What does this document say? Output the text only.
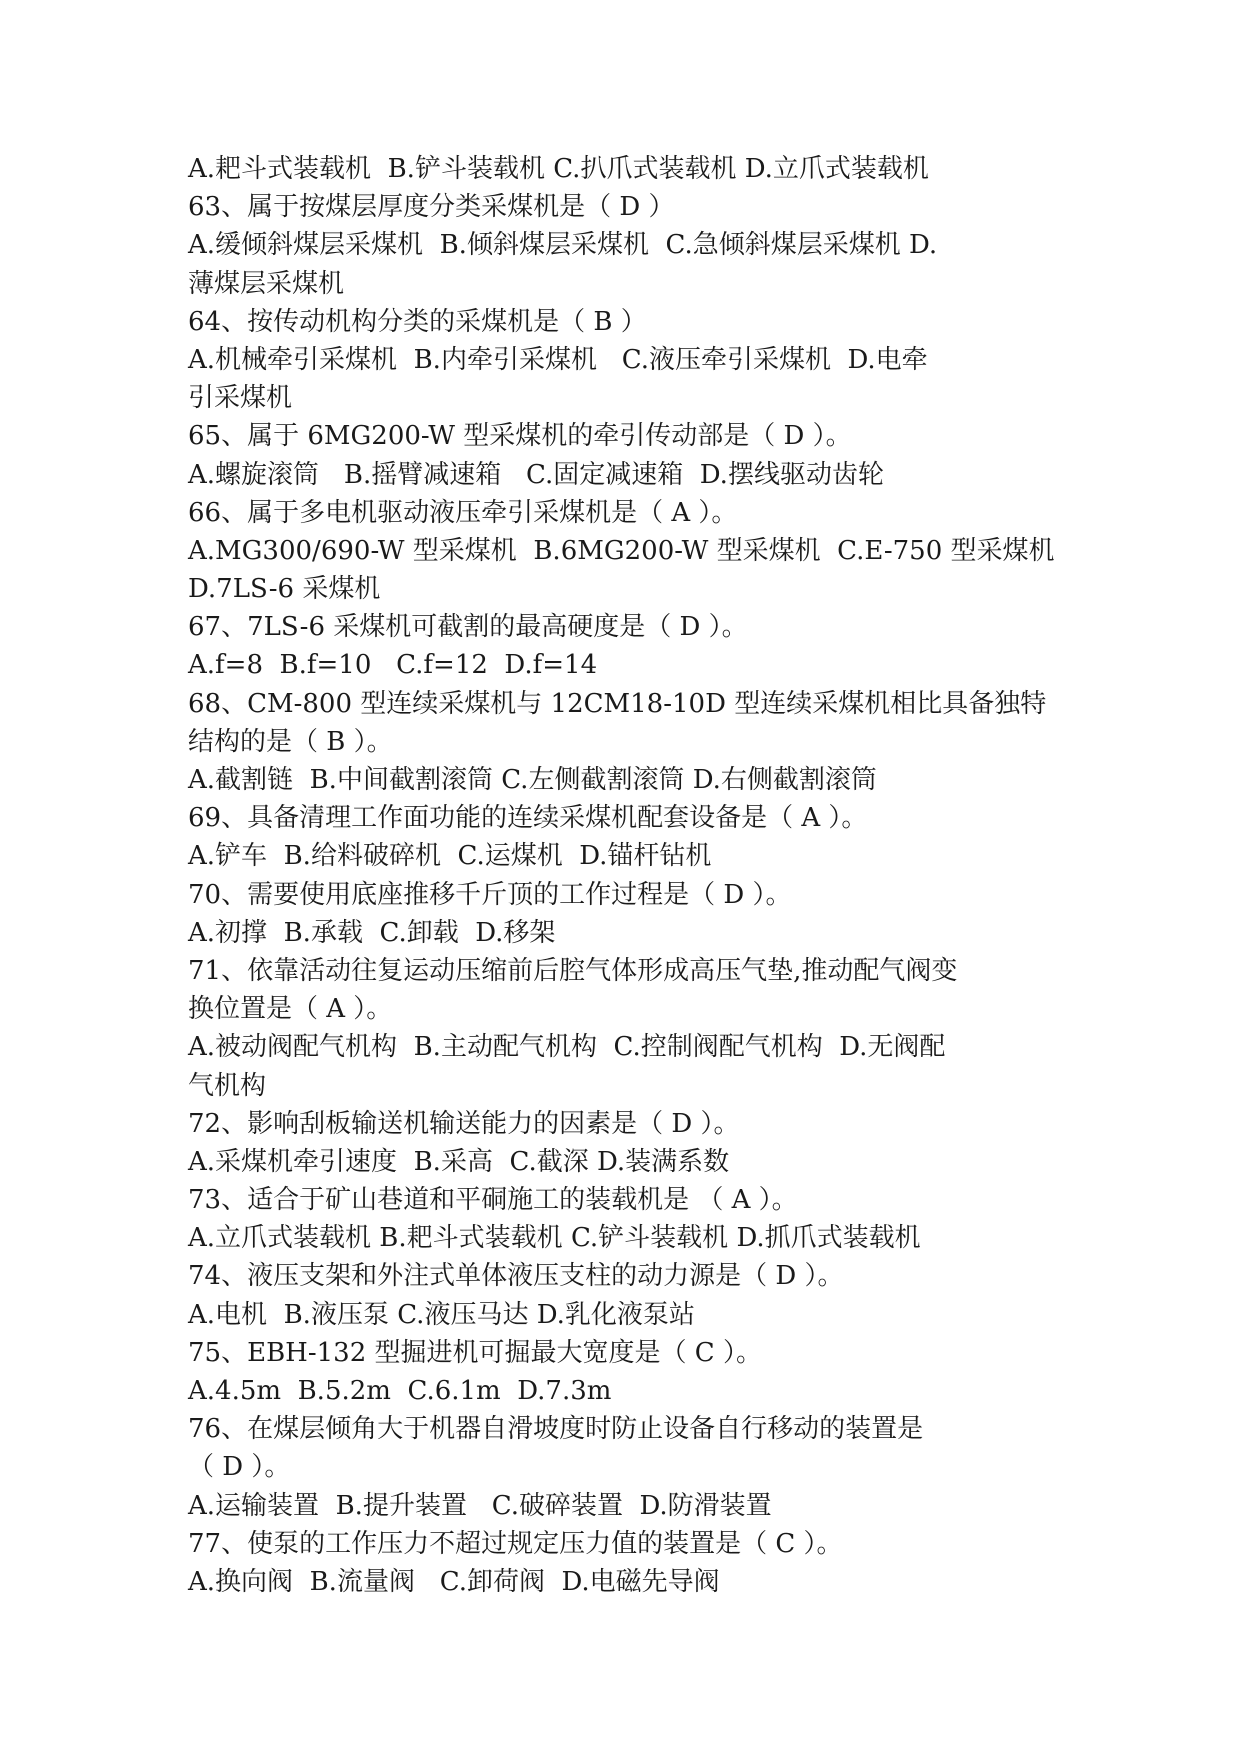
A.耙斗式装载机  B.铲斗装载机 C.扒爪式装载机 D.立爪式装载机

63、属于按煤层厚度分类采煤机是（ D ）

A.缓倾斜煤层采煤机  B.倾斜煤层采煤机  C.急倾斜煤层采煤机 D.

薄煤层采煤机

64、按传动机构分类的采煤机是（ B ）

A.机械牵引采煤机  B.内牵引采煤机   C.液压牵引采煤机  D.电牵

引采煤机

65、属于 6MG200-W 型采煤机的牵引传动部是（ D ）。

A.螺旋滚筒   B.摇臂减速箱   C.固定减速箱  D.摆线驱动齿轮

66、属于多电机驱动液压牵引采煤机是（ A ）。

A.MG300/690-W 型采煤机  B.6MG200-W 型采煤机  C.E-750 型采煤机

D.7LS-6 采煤机

67、7LS-6 采煤机可截割的最高硬度是（ D ）。

A.f=8  B.f=10   C.f=12  D.f=14

68、CM-800 型连续采煤机与 12CM18-10D 型连续采煤机相比具备独特

结构的是（ B ）。

A.截割链  B.中间截割滚筒 C.左侧截割滚筒 D.右侧截割滚筒

69、具备清理工作面功能的连续采煤机配套设备是（ A ）。

A.铲车  B.给料破碎机  C.运煤机  D.锚杆钻机

70、需要使用底座推移千斤顶的工作过程是（ D ）。

A.初撑  B.承载  C.卸载  D.移架

71、依靠活动往复运动压缩前后腔气体形成高压气垫,推动配气阀变

换位置是（ A ）。

A.被动阀配气机构  B.主动配气机构  C.控制阀配气机构  D.无阀配

气机构

72、影响刮板输送机输送能力的因素是（ D ）。

A.采煤机牵引速度  B.采高  C.截深 D.装满系数

73、适合于矿山巷道和平硐施工的装载机是 （ A ）。

A.立爪式装载机 B.耙斗式装载机 C.铲斗装载机 D.抓爪式装载机

74、液压支架和外注式单体液压支柱的动力源是（ D ）。

A.电机  B.液压泵 C.液压马达 D.乳化液泵站

75、EBH-132 型掘进机可掘最大宽度是（ C ）。

A.4.5m  B.5.2m  C.6.1m  D.7.3m

76、在煤层倾角大于机器自滑坡度时防止设备自行移动的装置是

（ D ）。

A.运输装置  B.提升装置   C.破碎装置  D.防滑装置

77、使泵的工作压力不超过规定压力值的装置是（ C ）。

A.换向阀  B.流量阀   C.卸荷阀  D.电磁先导阀
